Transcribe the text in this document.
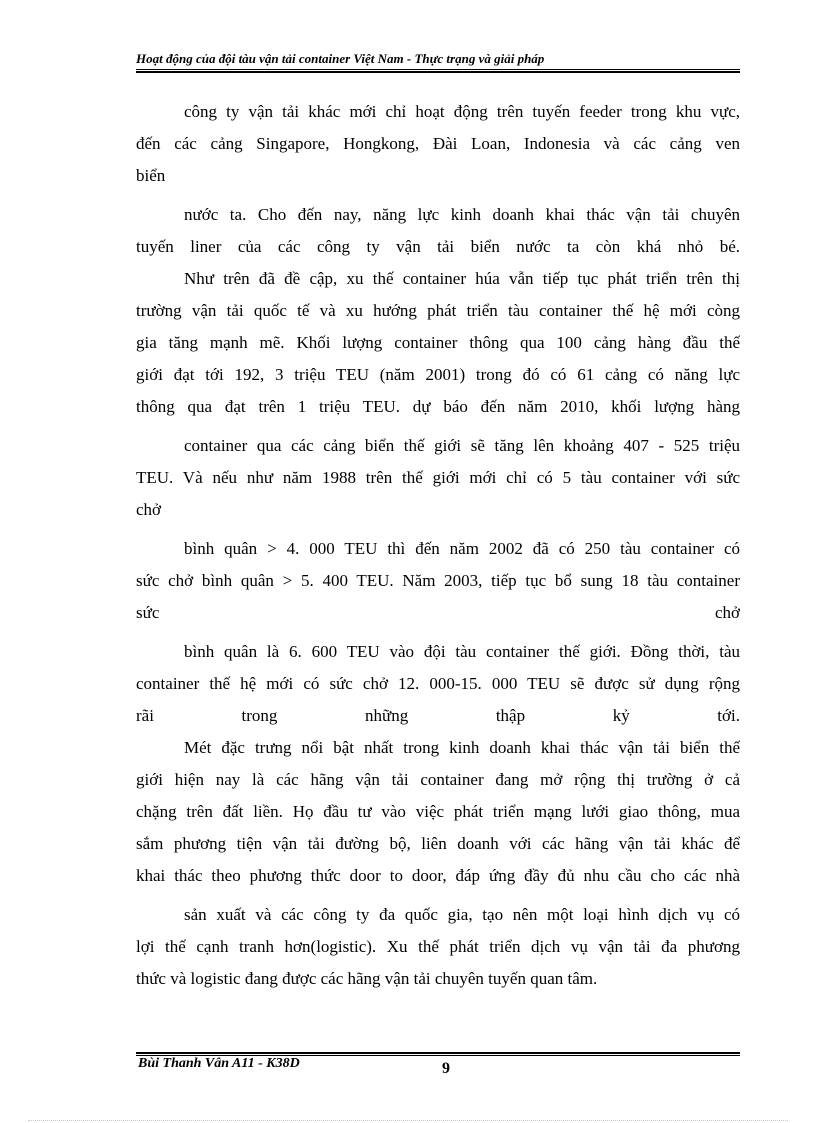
Hoạt động của đội tàu vận tải container Việt Nam - Thực trạng và giải pháp
công ty vận tải khác mới chỉ hoạt động trên tuyến feeder trong khu vực,
đến các cảng Singapore, Hongkong, Đài Loan, Indonesia và các cảng ven
biển
nước ta. Cho đến nay, năng lực kinh doanh khai thác vận tải chuyên
tuyến liner của các công ty vận tải biển nước ta còn khá nhỏ bé.
Như trên đã đề cập, xu thế container húa vẫn tiếp tục phát triển trên thị
trường vận tải quốc tế và xu hướng phát triển tàu container thế hệ mới còng
gia tăng mạnh mẽ. Khối lượng container thông qua 100 cảng hàng đầu thế
giới đạt tới 192, 3 triệu TEU (năm 2001) trong đó có 61 cảng có năng lực
thông qua đạt trên 1 triệu TEU. dự báo đến năm 2010, khối lượng hàng
container qua các cảng biển thế giới sẽ tăng lên khoảng 407 - 525 triệu
TEU. Và nếu như năm 1988 trên thế giới mới chỉ có 5 tàu container với sức
chở
bình quân > 4. 000 TEU thì đến năm 2002 đã có 250 tàu container có
sức chở bình quân > 5. 400 TEU. Năm 2003, tiếp tục bổ sung 18 tàu container
sức chở
bình quân là 6. 600 TEU vào đội tàu container thế giới. Đồng thời, tàu
container thế hệ mới có sức chở 12. 000-15. 000 TEU sẽ được sử dụng rộng
rãi trong những thập kỷ tới.
Mét đặc trưng nổi bật nhất trong kinh doanh khai thác vận tải biển thế
giới hiện nay là các hãng vận tải container đang mở rộng thị trường ở cả
chặng trên đất liền. Họ đầu tư vào việc phát triển mạng lưới giao thông, mua
sắm phương tiện vận tải đường bộ, liên doanh với các hãng vận tải khác để
khai thác theo phương thức door to door, đáp ứng đầy đủ nhu cầu cho các nhà
sản xuất và các công ty đa quốc gia, tạo nên một loại hình dịch vụ có
lợi thế cạnh tranh hơn(logistic). Xu thế phát triển dịch vụ vận tải đa phương
thức và logistic đang được các hãng vận tải chuyên tuyến quan tâm.
Bùi Thanh Vân A11 - K38D	9
